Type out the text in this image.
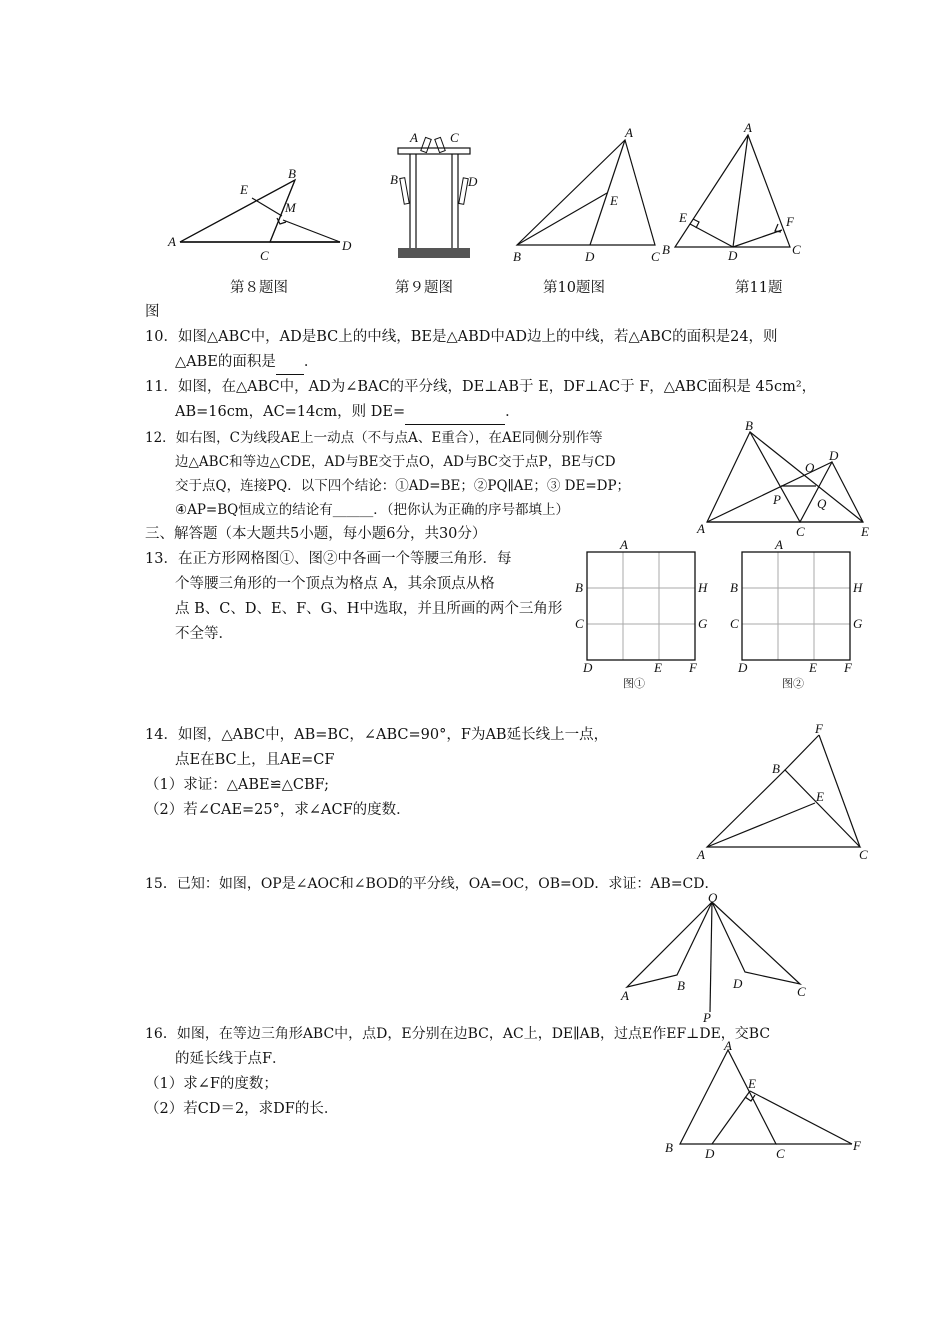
A
B
E
M
C
D
A C
B	D
A
E
B	D	C
A
E	F
B	D	C
第８题图	第９题图	第10题图	第11题
图
10．如图△ABC中，AD是BC上的中线，BE是△ABD中AD边上的中线，若△ABC的面积是24，则
△ABE的面积是 ．
11．如图，在△ABC中，AD为∠BAC的平分线，DE⊥AB于 E，DF⊥AC于 F，△ABC面积是 45cm²，
AB=16cm，AC=14cm，则 DE=	．
12．如右图，C为线段AE上一动点（不与点A、E重合），在AE同侧分别作等
边△ABC和等边△CDE，AD与BE交于点O，AD与BC交于点P，BE与CD
交于点Q，连接PQ．以下四个结论：①AD=BE；②PQ∥AE；③ DE=DP；
④AP=BQ恒成立的结论有______．（把你认为正确的序号都填上）
B
O
D
P	Q
A	C	E
三、解答题（本大题共5小题，每小题6分，共30分）
13．在正方形网格图①、图②中各画一个等腰三角形．每
个等腰三角形的一个顶点为格点 A，其余顶点从格
点 B、C、D、E、F、G、H中选取，并且所画的两个三角形
不全等．
A
B
C
H
G
D	E F
图①
A
B
C
H
G
D	E F
图②
14．如图，△ABC中，AB=BC，∠ABC=90°，F为AB延长线上一点，
点E在BC上，且AE=CF
（1）求证：△ABE≌△CBF;
（2）若∠CAE=25°，求∠ACF的度数．
F
B
E
A	C
15．已知：如图，OP是∠AOC和∠BOD的平分线，OA=OC，OB=OD．求证：AB=CD．
O
A
B	D
C
P
16．如图，在等边三角形ABC中，点D，E分别在边BC，AC上，DE∥AB，过点E作EF⊥DE，交BC
的延长线于点F．
（1）求∠F的度数；
（2）若CD＝2，求DF的长．
A
E
B D	C
F
